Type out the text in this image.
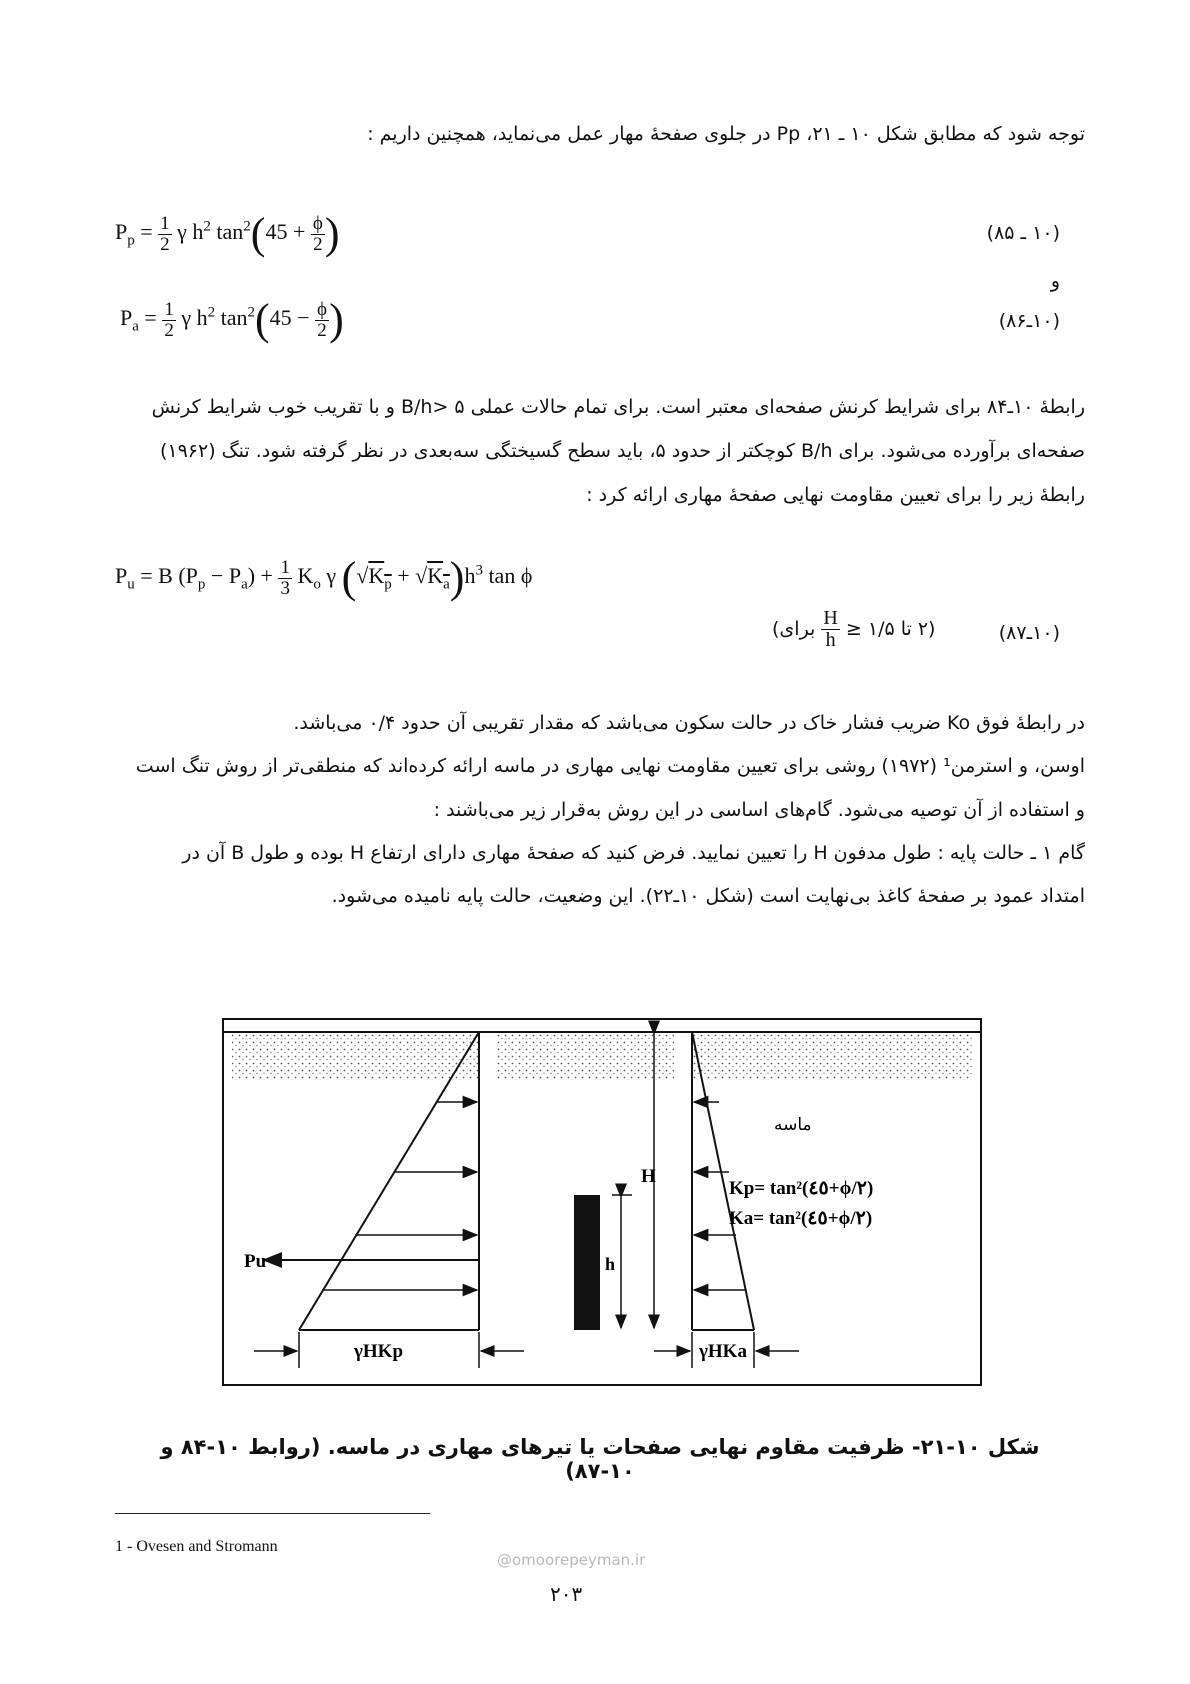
توجه شود که مطابق شکل ۱۰ ـ ۲۱، Pp در جلوی صفحهٔ مهار عمل می‌نماید، همچنین داریم :
$P_p = \frac{1}{2}$ γ $h^2$ $\tan^2(45 + \frac{\phi}{2}$ )	(۱۰ ـ ۸۵)
و
$P_a = \frac{1}{2}$ γ $h^2$ $\tan^2(45 - \frac{\phi}{2}$ )	(۱۰ـ۸۶)
رابطهٔ ۱۰ـ۸۴ برای شرایط کرنش صفحه‌ای معتبر است. برای تمام حالات عملی B/h> ۵ و با تقریب خوب شرایط کرنش
صفحه‌ای برآورده می‌شود. برای B/h کوچکتر از حدود ۵، باید سطح گسیختگی سه‌بعدی در نظر گرفته شود. تنگ (۱۹۶۲)
رابطهٔ زیر را برای تعیین مقاومت نهایی صفحهٔ مهاری ارائه کرد :
$P_u = B$ $(P_p - P_a) + \frac{1}{3} K_o$ γ $(√K_p + √K_a)h^3$ tan ϕ
(۲ تا ۱/۵ ≤
$\frac{H}{h}$
برای)	(۱۰ـ۸۷)
در رابطهٔ فوق Ko ضریب فشار خاک در حالت سکون می‌باشد که مقدار تقریبی آن حدود ۰/۴ می‌باشد.
اوسن، و استرمن¹ (۱۹۷۲) روشی برای تعیین مقاومت نهایی مهاری در ماسه ارائه کرده‌اند که منطقی‌تر از روش تنگ است
و استفاده از آن توصیه می‌شود. گام‌های اساسی در این روش به‌قرار زیر می‌باشند :
گام ۱ ـ حالت پایه : طول مدفون H را تعیین نمایید. فرض کنید که صفحهٔ مهاری دارای ارتفاع H بوده و طول B آن در
امتداد عمود بر صفحهٔ کاغذ بی‌نهایت است (شکل ۱۰ـ۲۲). این وضعیت، حالت پایه نامیده می‌شود.
ماسه
Kp= tan²(٤٥+ϕ/٢)
Ka= tan²(٤٥+ϕ/٢)
H
h
Pu
γHKp	γHKa
شکل ۱۰-۲۱- ظرفیت مقاوم نهایی صفحات یا تیرهای مهاری در ماسه. (روابط ۱۰-۸۴ و ۱۰-۸۷)
1 - Ovesen and Stromann
@omoorepeyman.ir
۲۰۳
